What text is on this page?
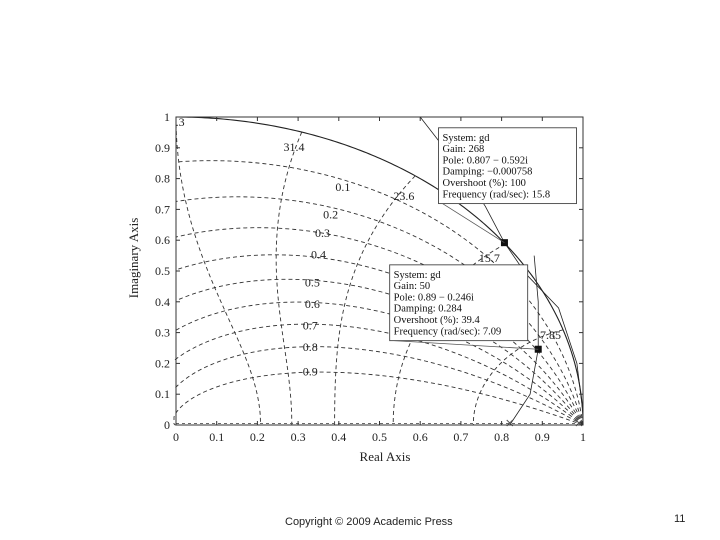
0	0.1 0.2 0.3 0.4 0.5 0.6 0.7 0.8 0.9	1
0
0.1
0.2
0.3
0.4
0.5
0.6
0.7
0.8
0.9
1
0.1
0.2
0.3
0.4
0.5
0.6
0.7
0.8
0.9
7.85
15.7
23.6
31.4
.3
System: gd
Gain: 268
Pole: 0.807 − 0.592i
Damping: −0.000758
Overshoot (%): 100
Frequency (rad/sec): 15.8
System: gd
Gain: 50
Pole: 0.89 − 0.246i
Damping: 0.284
Overshoot (%): 39.4
Frequency (rad/sec): 7.09
Real Axis
Imaginary Axis
Copyright © 2009 Academic Press	11
